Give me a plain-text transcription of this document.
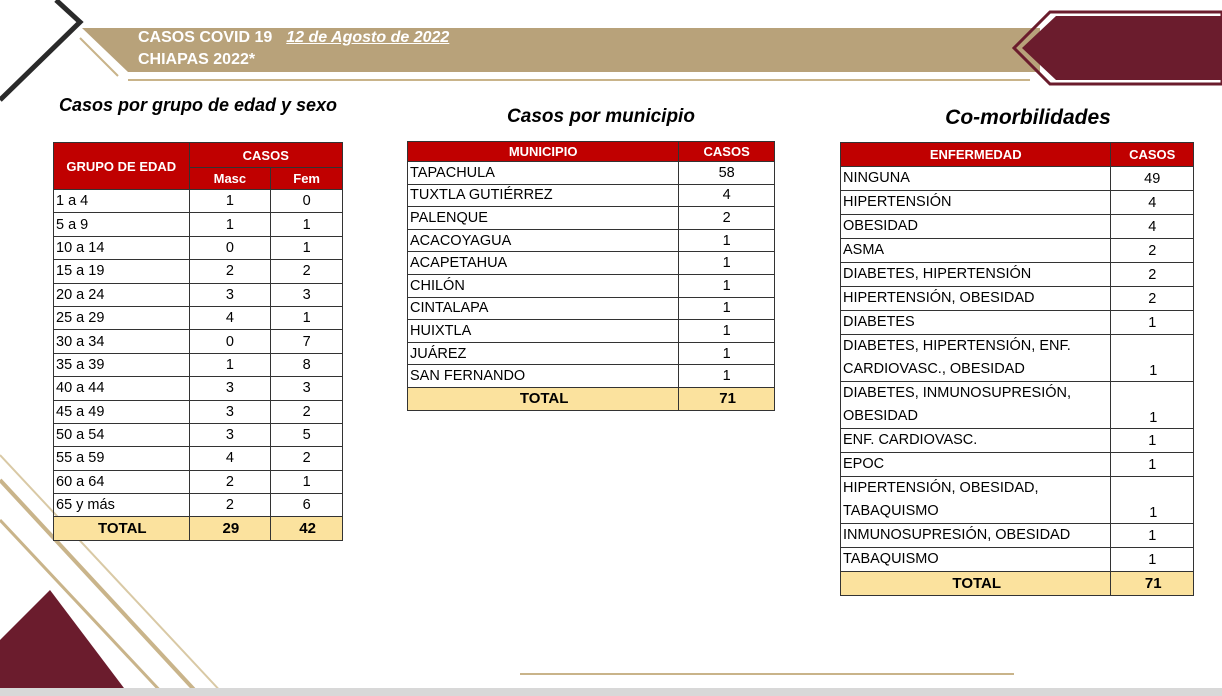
CASOS COVID 19 12 de Agosto de 2022
CHIAPAS 2022*
Casos por grupo de edad y sexo
Casos por municipio	Co-morbilidades
GRUPO DE EDAD	CASOS	
	Masc	Fem
1 a 4	1	0
5 a 9	1	1
10 a 14	0	1
15 a 19	2	2
20 a 24	3	3
25 a 29	4	1
30 a 34	0	7
35 a 39	1	8
40 a 44	3	3
45 a 49	3	2
50 a 54	3	5
55 a 59	4	2
60 a 64	2	1
65 y más	2	6
TOTAL	29	42
MUNICIPIO	CASOS
TAPACHULA	58
TUXTLA GUTIÉRREZ	4
PALENQUE	2
ACACOYAGUA	1
ACAPETAHUA	1
CHILÓN	1
CINTALAPA	1
HUIXTLA	1
JUÁREZ	1
SAN FERNANDO	1
TOTAL	71
ENFERMEDAD	CASOS

NINGUNA	49

HIPERTENSIÓN	4

OBESIDAD	4

ASMA	2

DIABETES, HIPERTENSIÓN	2

HIPERTENSIÓN, OBESIDAD	2

DIABETES	1

DIABETES, HIPERTENSIÓN, ENF.
CARDIOVASC., OBESIDAD	1

DIABETES, INMUNOSUPRESIÓN,
OBESIDAD	1

ENF. CARDIOVASC.	1

EPOC	1

HIPERTENSIÓN, OBESIDAD,
TABAQUISMO	1

INMUNOSUPRESIÓN, OBESIDAD	1

TABAQUISMO	1
TOTAL	71
